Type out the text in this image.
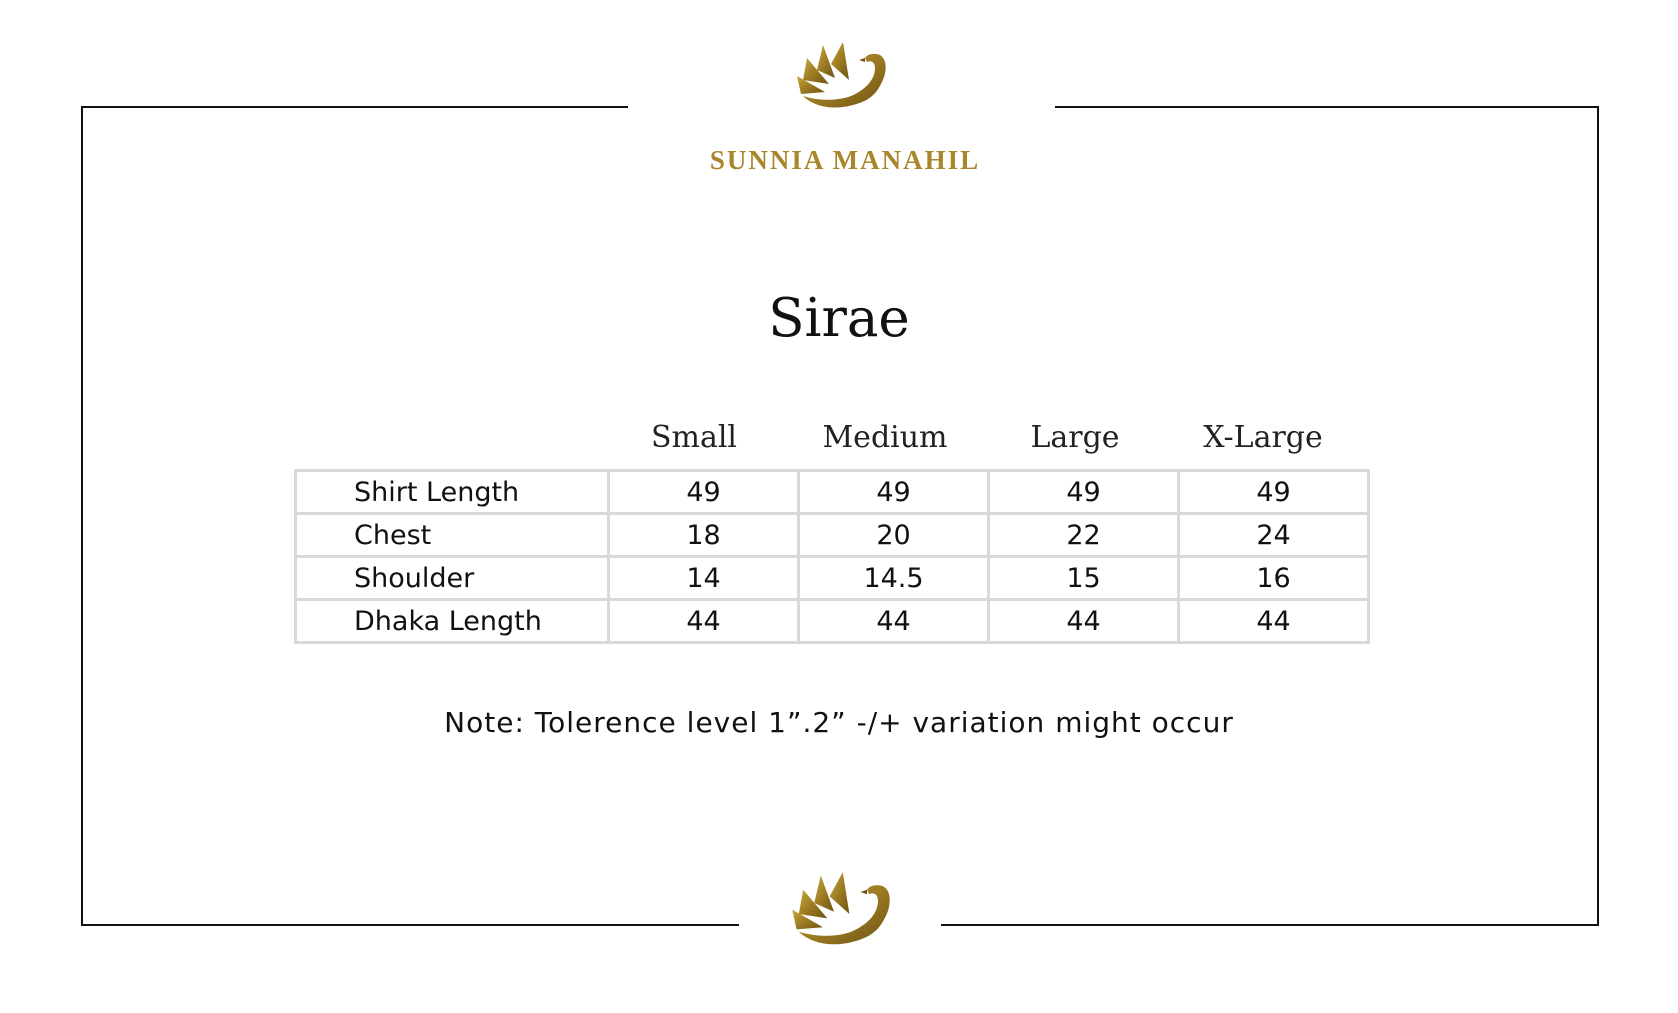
SUNNIA MANAHIL
Sirae
Small	Medium	Large	X-Large
Shirt Length	49	49	49	49
Chest	18	20	22	24
Shoulder	14	14.5	15	16
Dhaka Length	44	44	44	44
Note: Tolerence level 1”.2” -/+ variation might occur
